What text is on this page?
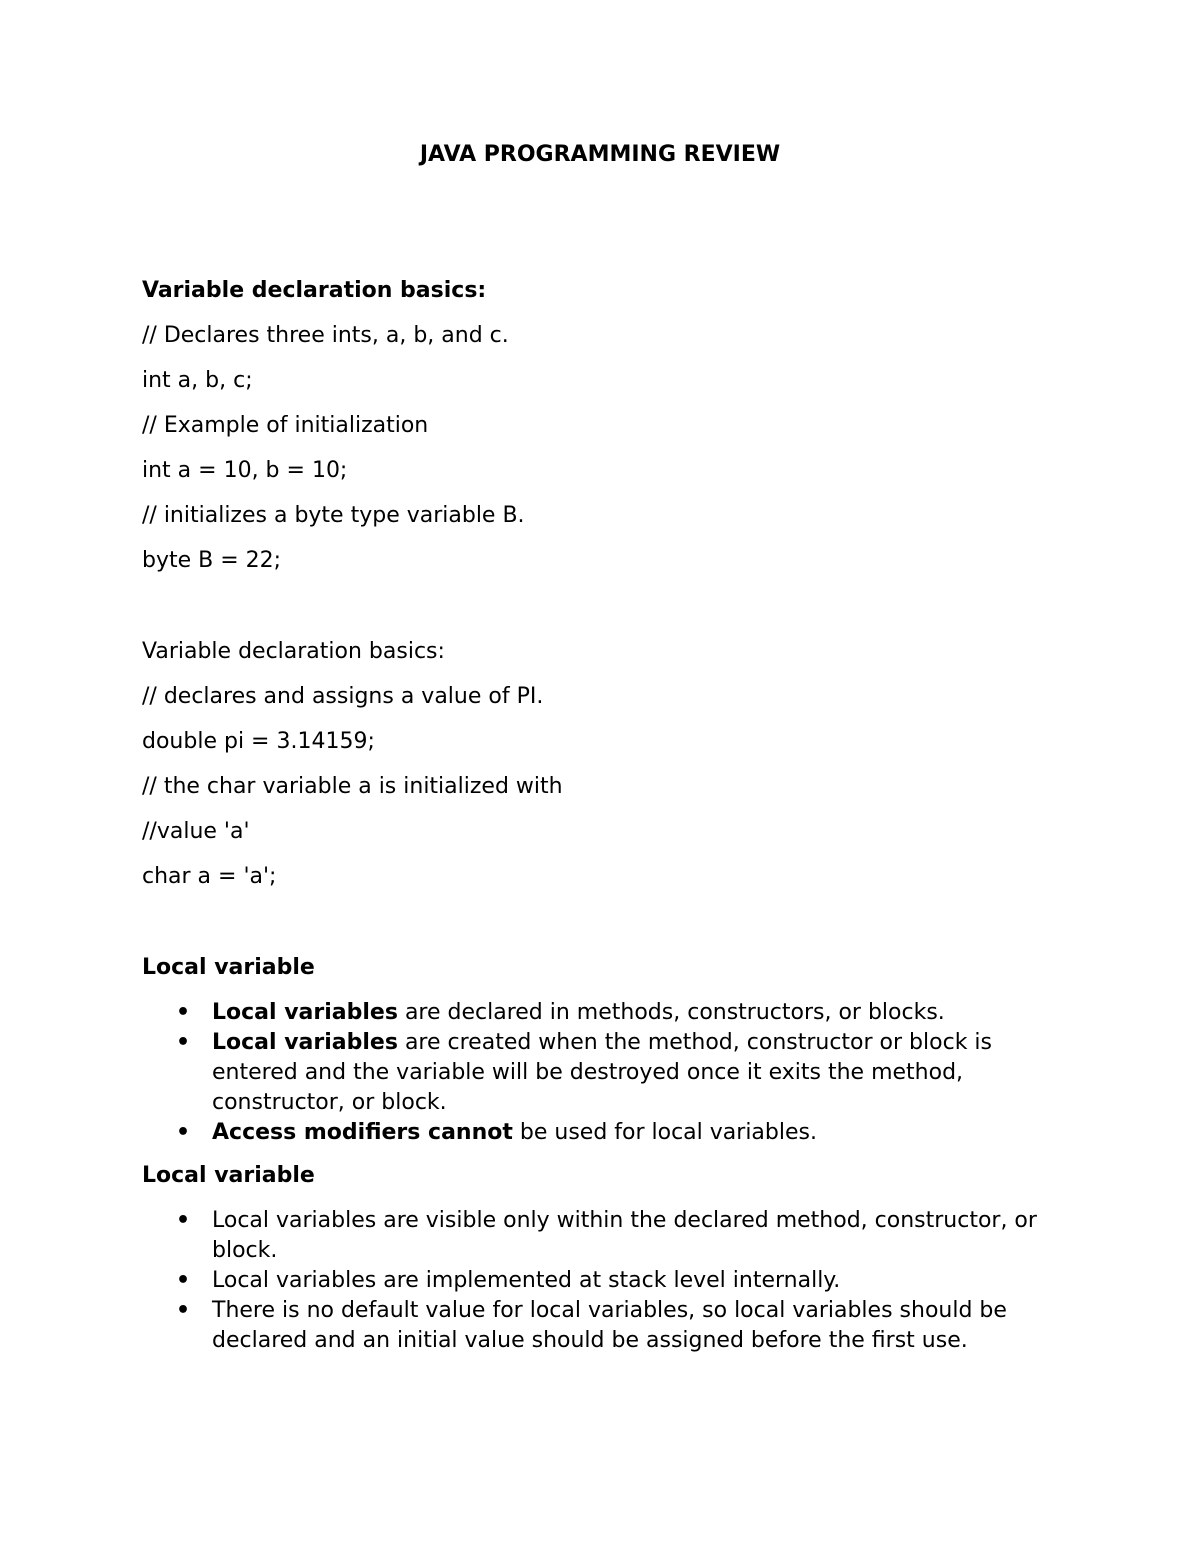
JAVA PROGRAMMING REVIEW
Variable declaration basics:
// Declares three ints, a, b, and c.
int a, b, c;
// Example of initialization
int a = 10, b = 10;
// initializes a byte type variable B.
byte B = 22;
Variable declaration basics:
// declares and assigns a value of PI.
double pi = 3.14159;
// the char variable a is initialized with
//value 'a'
char a = 'a';
Local variable
• Local variables are declared in methods, constructors, or blocks.
• Local variables are created when the method, constructor or block is entered and the variable will be destroyed once it exits the method, constructor, or block.
• Access modifiers cannot be used for local variables.
Local variable
• Local variables are visible only within the declared method, constructor, or block.
• Local variables are implemented at stack level internally.
• There is no default value for local variables, so local variables should be declared and an initial value should be assigned before the first use.
